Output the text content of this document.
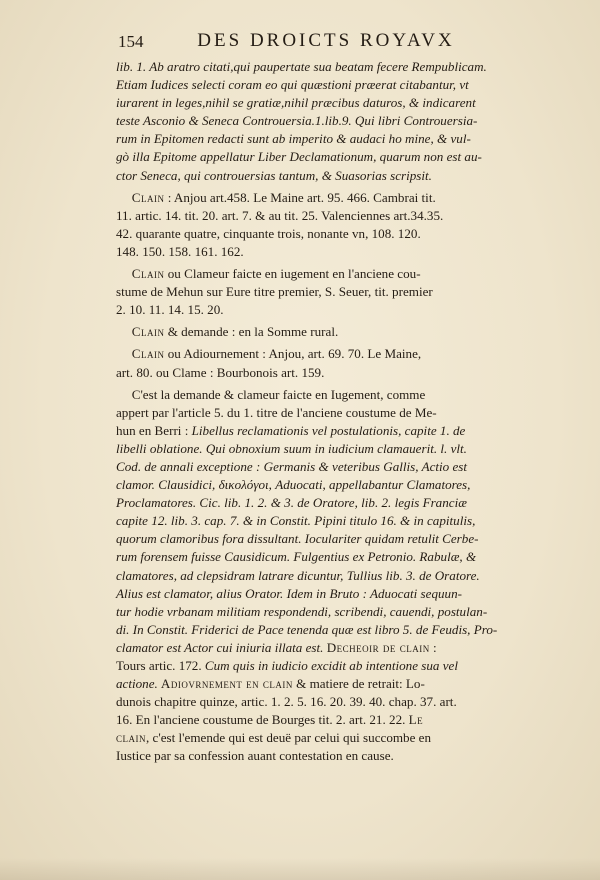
154	DES DROICTS ROYAVX

lib. 1. Ab aratro citati,qui paupertate sua beatam fecere Rempublicam.
Etiam Iudices selecti coram eo qui quæstioni præerat citabantur, vt
iurarent in leges,nihil se gratiæ,nihil præcibus daturos, & indicarent
teste Asconio & Seneca Controuersia.1.lib.9. Qui libri Controuersia-
rum in Epitomen redacti sunt ab imperito & audaci ho mine, & vul-
gò illa Epitome appellatur Liber Declamationum, quarum non est au-
ctor Seneca, qui controuersias tantum, & Suasorias scripsit.

Clain : Anjou art.458. Le Maine art. 95. 466. Cambrai tit.
11. artic. 14. tit. 20. art. 7. & au tit. 25. Valenciennes art.34.35.
42. quarante quatre, cinquante trois, nonante vn, 108. 120.
148. 150. 158. 161. 162.

Clain ou Clameur faicte en iugement en l'anciene cou-
stume de Mehun sur Eure titre premier, S. Seuer, tit. premier
2. 10. 11. 14. 15. 20.

Clain & demande : en la Somme rural.

Clain ou Adiournement : Anjou, art. 69. 70. Le Maine,
art. 80. ou Clame : Bourbonois art. 159.

C'est la demande & clameur faicte en Iugement, comme
appert par l'article 5. du 1. titre de l'anciene coustume de Me-
hun en Berri : Libellus reclamationis vel postulationis, capite 1. de
libelli oblatione. Qui obnoxium suum in iudicium clamauerit. l. vlt.
Cod. de annali exceptione : Germanis & veteribus Gallis, Actio est
clamor. Clausidici, δικολόγοι, Aduocati, appellabantur Clamatores,
Proclamatores. Cic. lib. 1. 2. & 3. de Oratore, lib. 2. legis Franciæ
capite 12. lib. 3. cap. 7. & in Constit. Pipini titulo 16. & in capitulis,
quorum clamoribus fora dissultant. Ioculariter quidam retulit Cerbe-
rum forensem fuisse Causidicum. Fulgentius ex Petronio. Rabulæ, &
clamatores, ad clepsidram latrare dicuntur, Tullius lib. 3. de Oratore.
Alius est clamator, alius Orator. Idem in Bruto : Aduocati sequun-
tur hodie vrbanam militiam respondendi, scribendi, cauendi, postulan-
di. In Constit. Friderici de Pace tenenda quæ est libro 5. de Feudis, Pro-
clamator est Actor cui iniuria illata est. Decheoir de clain :
Tours artic. 172. Cum quis in iudicio excidit ab intentione sua vel
actione. Adiovrnement en clain & matiere de retrait: Lo-
dunois chapitre quinze, artic. 1. 2. 5. 16. 20. 39. 40. chap. 37. art.
16. En l'anciene coustume de Bourges tit. 2. art. 21. 22. Le
clain, c'est l'emende qui est deuë par celui qui succombe en
Iustice par sa confession auant contestation en cause.
